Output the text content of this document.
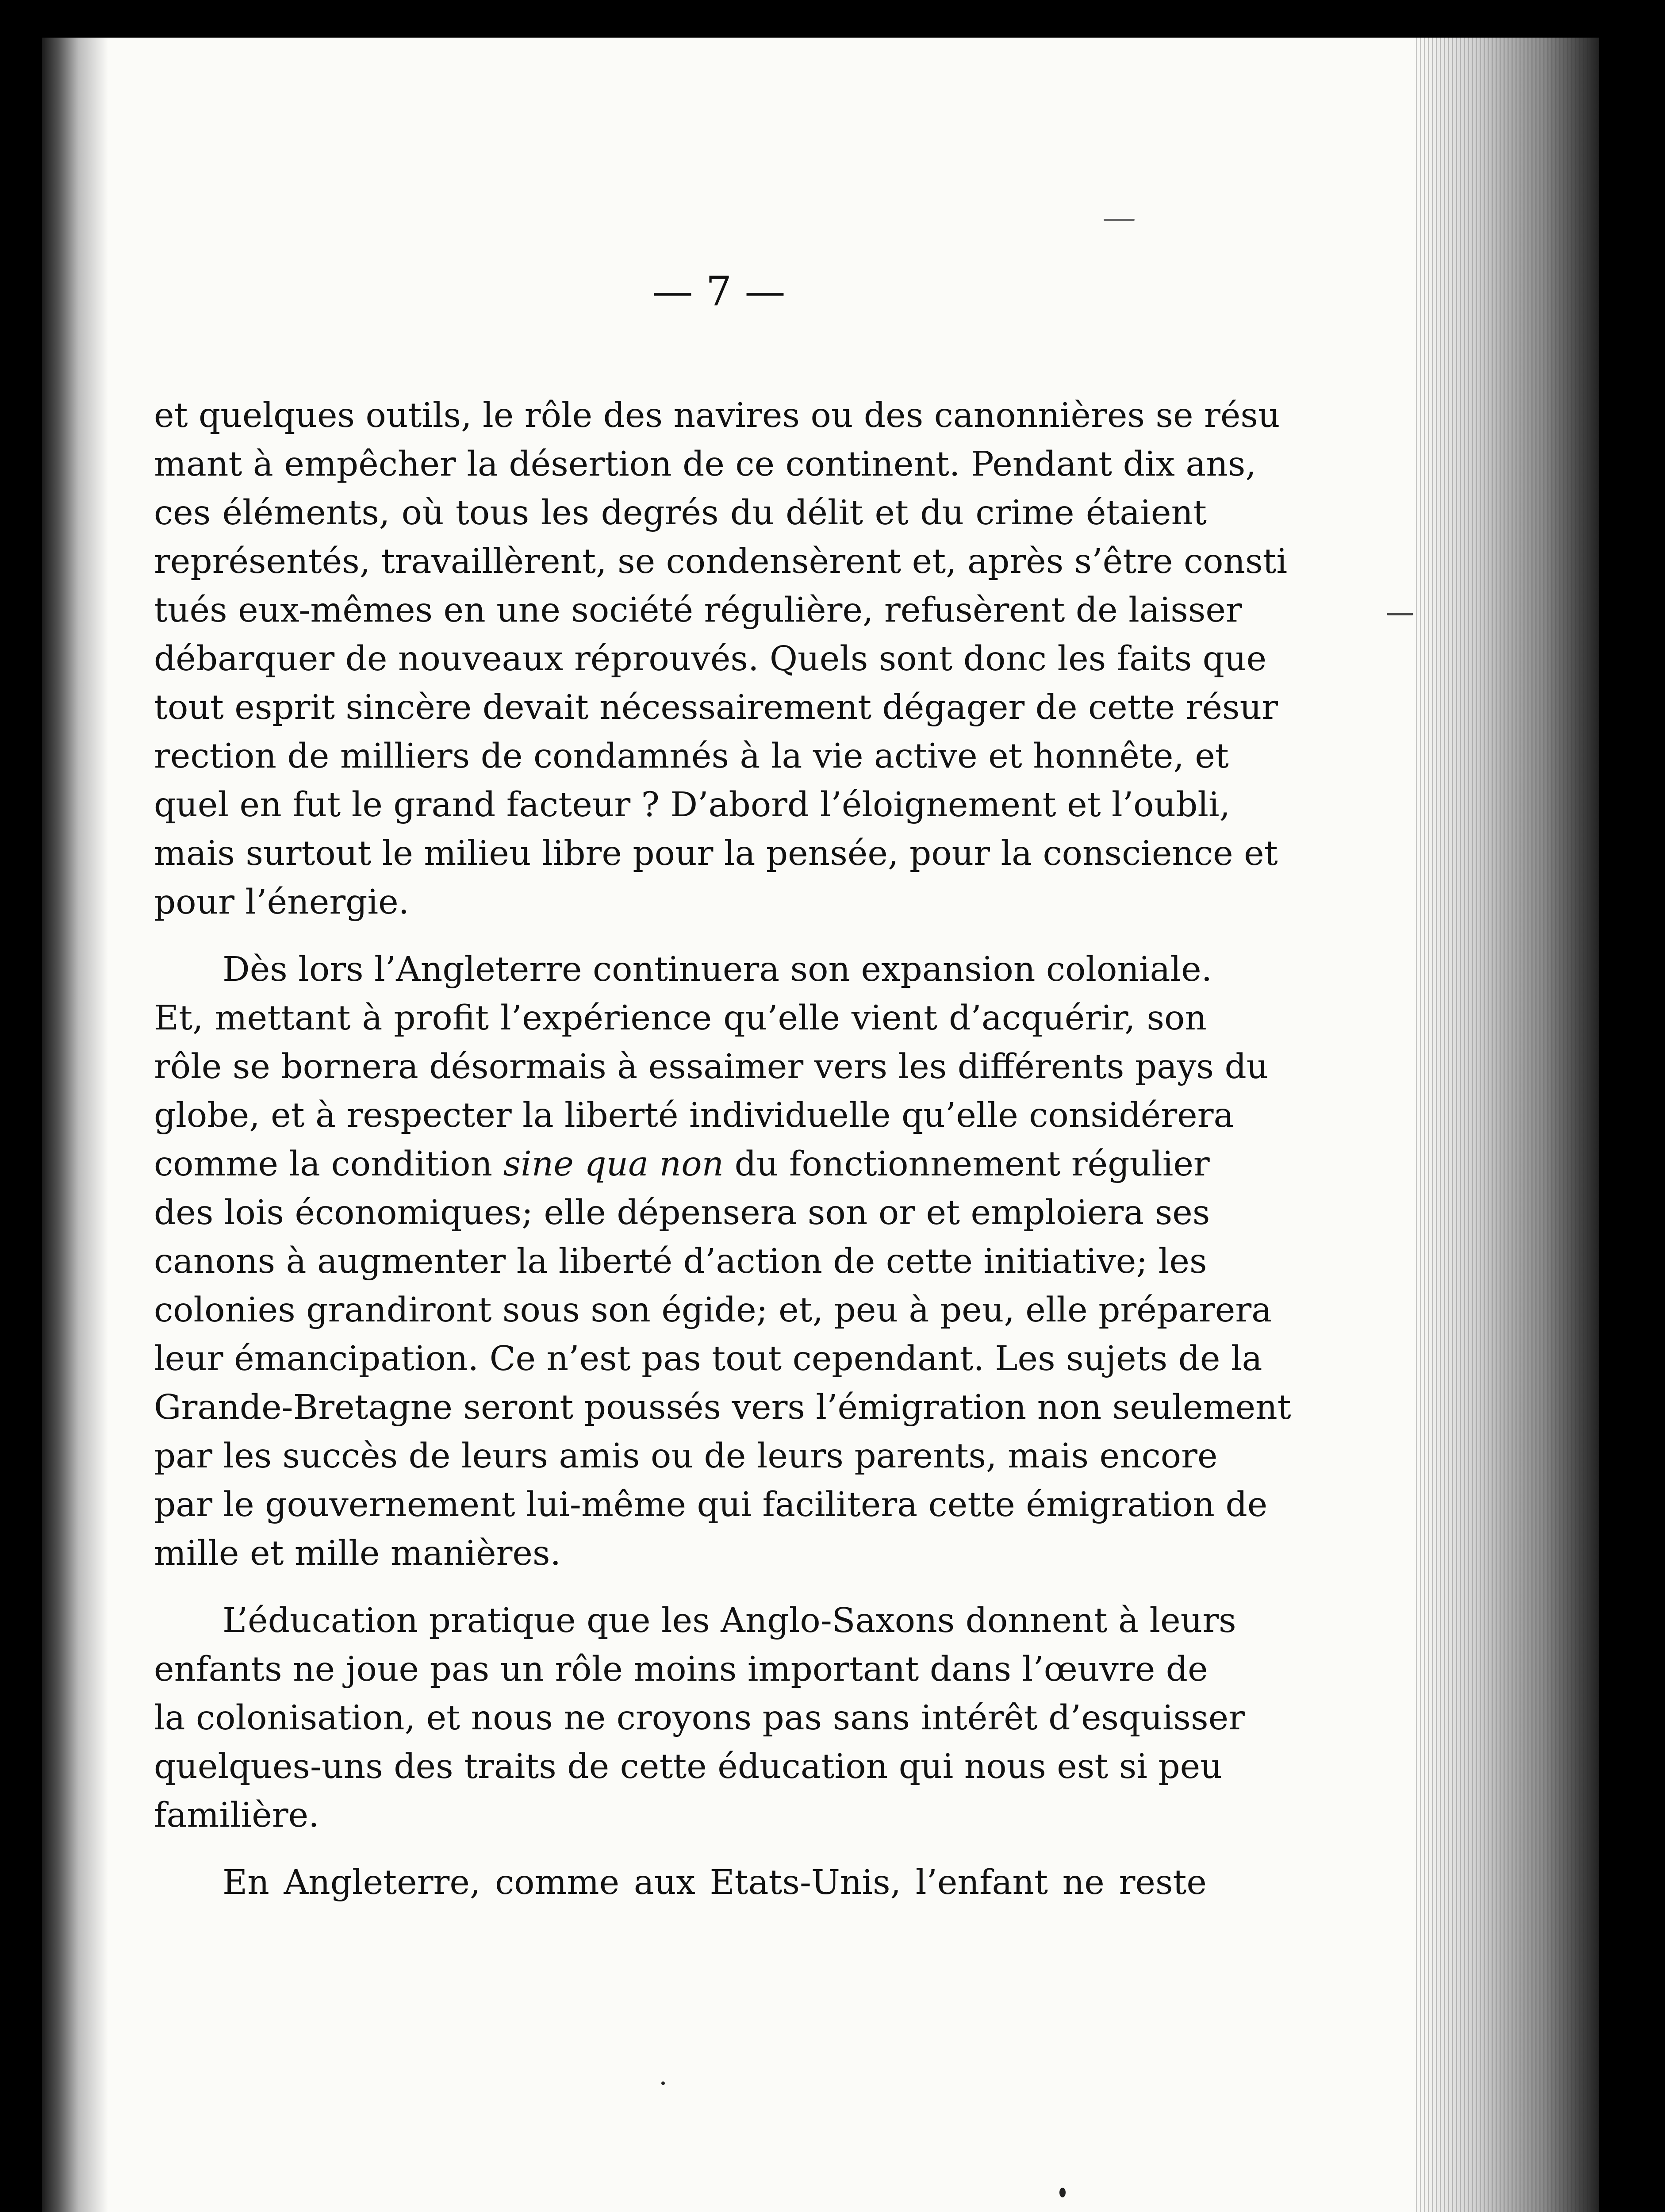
— 7 —
et quelques outils, le rôle des navires ou des canonnières se résu
mant à empêcher la désertion de ce continent. Pendant dix ans,
ces éléments, où tous les degrés du délit et du crime étaient
représentés, travaillèrent, se condensèrent et, après s’être consti
tués eux-mêmes en une société régulière, refusèrent de laisser
débarquer de nouveaux réprouvés. Quels sont donc les faits que
tout esprit sincère devait nécessairement dégager de cette résur
rection de milliers de condamnés à la vie active et honnête, et
quel en fut le grand facteur ? D’abord l’éloignement et l’oubli,
mais surtout le milieu libre pour la pensée, pour la conscience et
pour l’énergie.
Dès lors l’Angleterre continuera son expansion coloniale.
Et, mettant à profit l’expérience qu’elle vient d’acquérir, son
rôle se bornera désormais à essaimer vers les différents pays du
globe, et à respecter la liberté individuelle qu’elle considérera
comme la condition sine qua non du fonctionnement régulier
des lois économiques; elle dépensera son or et emploiera ses
canons à augmenter la liberté d’action de cette initiative; les
colonies grandiront sous son égide; et, peu à peu, elle préparera
leur émancipation. Ce n’est pas tout cependant. Les sujets de la
Grande-Bretagne seront poussés vers l’émigration non seulement
par les succès de leurs amis ou de leurs parents, mais encore
par le gouvernement lui-même qui facilitera cette émigration de
mille et mille manières.
L’éducation pratique que les Anglo-Saxons donnent à leurs
enfants ne joue pas un rôle moins important dans l’œuvre de
la colonisation, et nous ne croyons pas sans intérêt d’esquisser
quelques-uns des traits de cette éducation qui nous est si peu
familière.
En Angleterre, comme aux Etats-Unis, l’enfant ne reste
